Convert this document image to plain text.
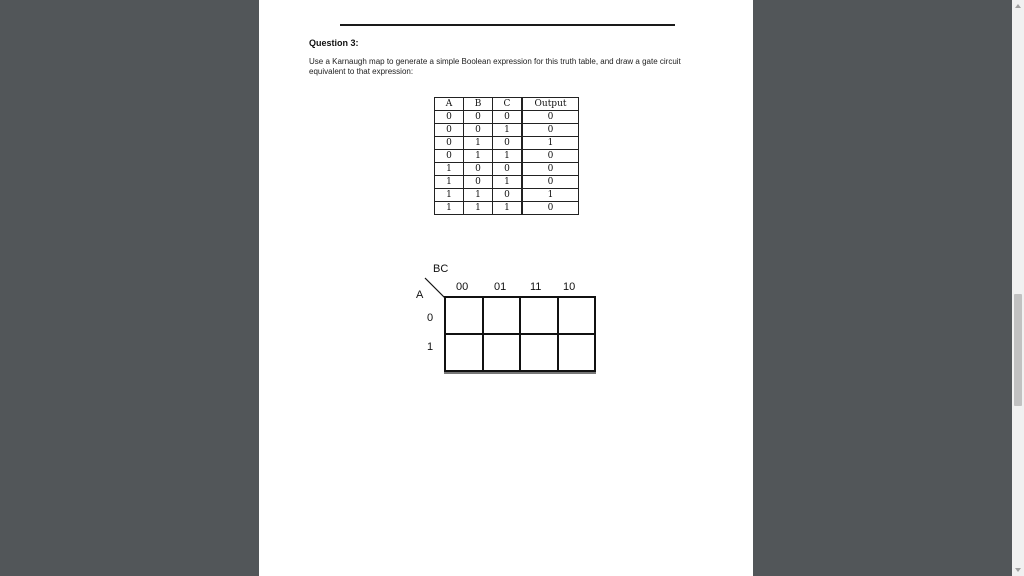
Question 3:
Use a Karnaugh map to generate a simple Boolean expression for this truth table, and draw a gate circuit equivalent to that expression:
A	B	C	Output
0	0	0	0
0	0	1	0
0	1	0	1
0	1	1	0
1	0	0	0
1	0	1	0
1	1	0	1
1	1	1	0
BC
A
00 01 11 10
0
1
